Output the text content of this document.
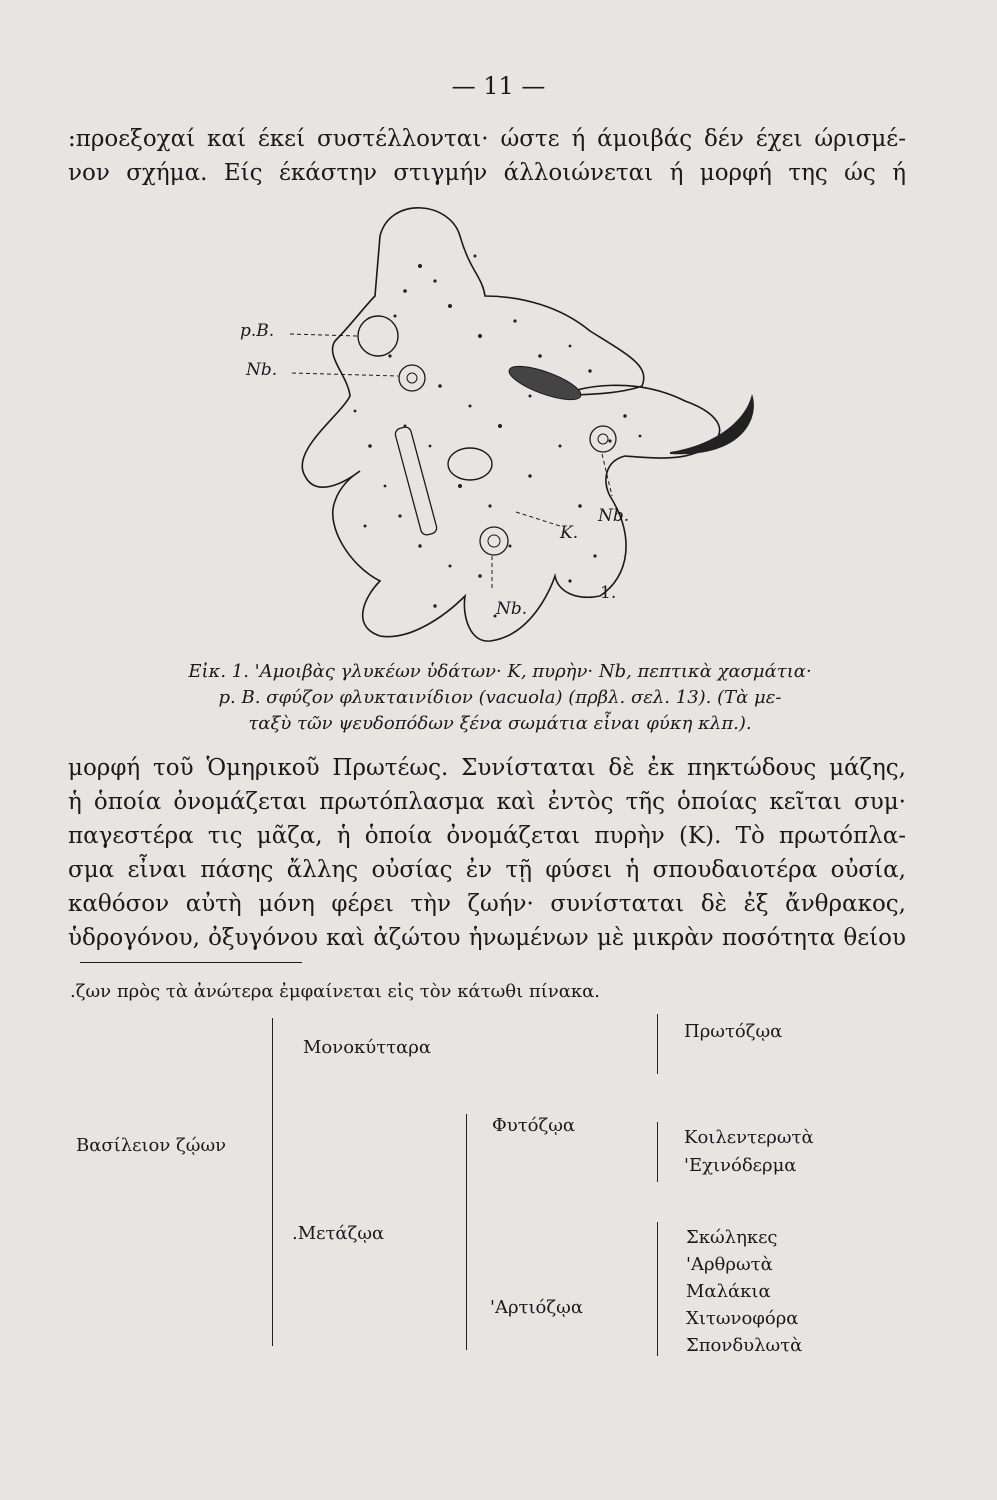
— 11 —
:προεξοχαί καί έκεί συστέλλονται· ώστε ή άμοιβάς δέν έχει ώρισμέ-
νον σχήμα. Είς έκάστην στιγμήν άλλοιώνεται ή μορφή της ώς ή
p.B.
Nb.
K.
Nb.
Nb.
1.
Εἰκ. 1. 'Αμοιβὰς γλυκέων ὑδάτων· Κ, πυρὴν· Nb, πεπτικὰ χασμάτια·
p. B. σφύζον φλυκταινίδιον (vacuola) (πρβλ. σελ. 13). (Τὰ με-
ταξὺ τῶν ψευδοπόδων ξένα σωμάτια εἶναι φύκη κλπ.).
μορφή τοῦ Ὁμηρικοῦ Πρωτέως. Συνίσταται δὲ ἐκ πηκτώδους μάζης,
ἡ ὁποία ὀνομάζεται πρωτόπλασμα καὶ ἐντὸς τῆς ὁποίας κεῖται συμ·
παγεστέρα τις μᾶζα, ἡ ὁποία ὀνομάζεται πυρὴν (Κ). Τὸ πρωτόπλα-
σμα εἶναι πάσης ἄλλης οὐσίας ἐν τῇ φύσει ἡ σπουδαιοτέρα οὐσία,
καθόσον αὐτὴ μόνη φέρει τὴν ζωήν· συνίσταται δὲ ἐξ ἄνθρακος,
ὑδρογόνου, ὀξυγόνου καὶ ἀζώτου ἡνωμένων μὲ μικρὰν ποσότητα θείου
.ζων πρὸς τὰ ἀνώτερα ἐμφαίνεται εἰς τὸν κάτωθι πίνακα.
Βασίλειον ζῴων
Μονοκύτταρα
.Μετάζῳα
Φυτόζῳα
'Αρτιόζῳα
Πρωτόζῳα
Κοιλεντερωτὰ
'Εχινόδερμα
Σκώληκες
'Αρθρωτὰ
Μαλάκια
Χιτωνοφόρα
Σπονδυλωτὰ
